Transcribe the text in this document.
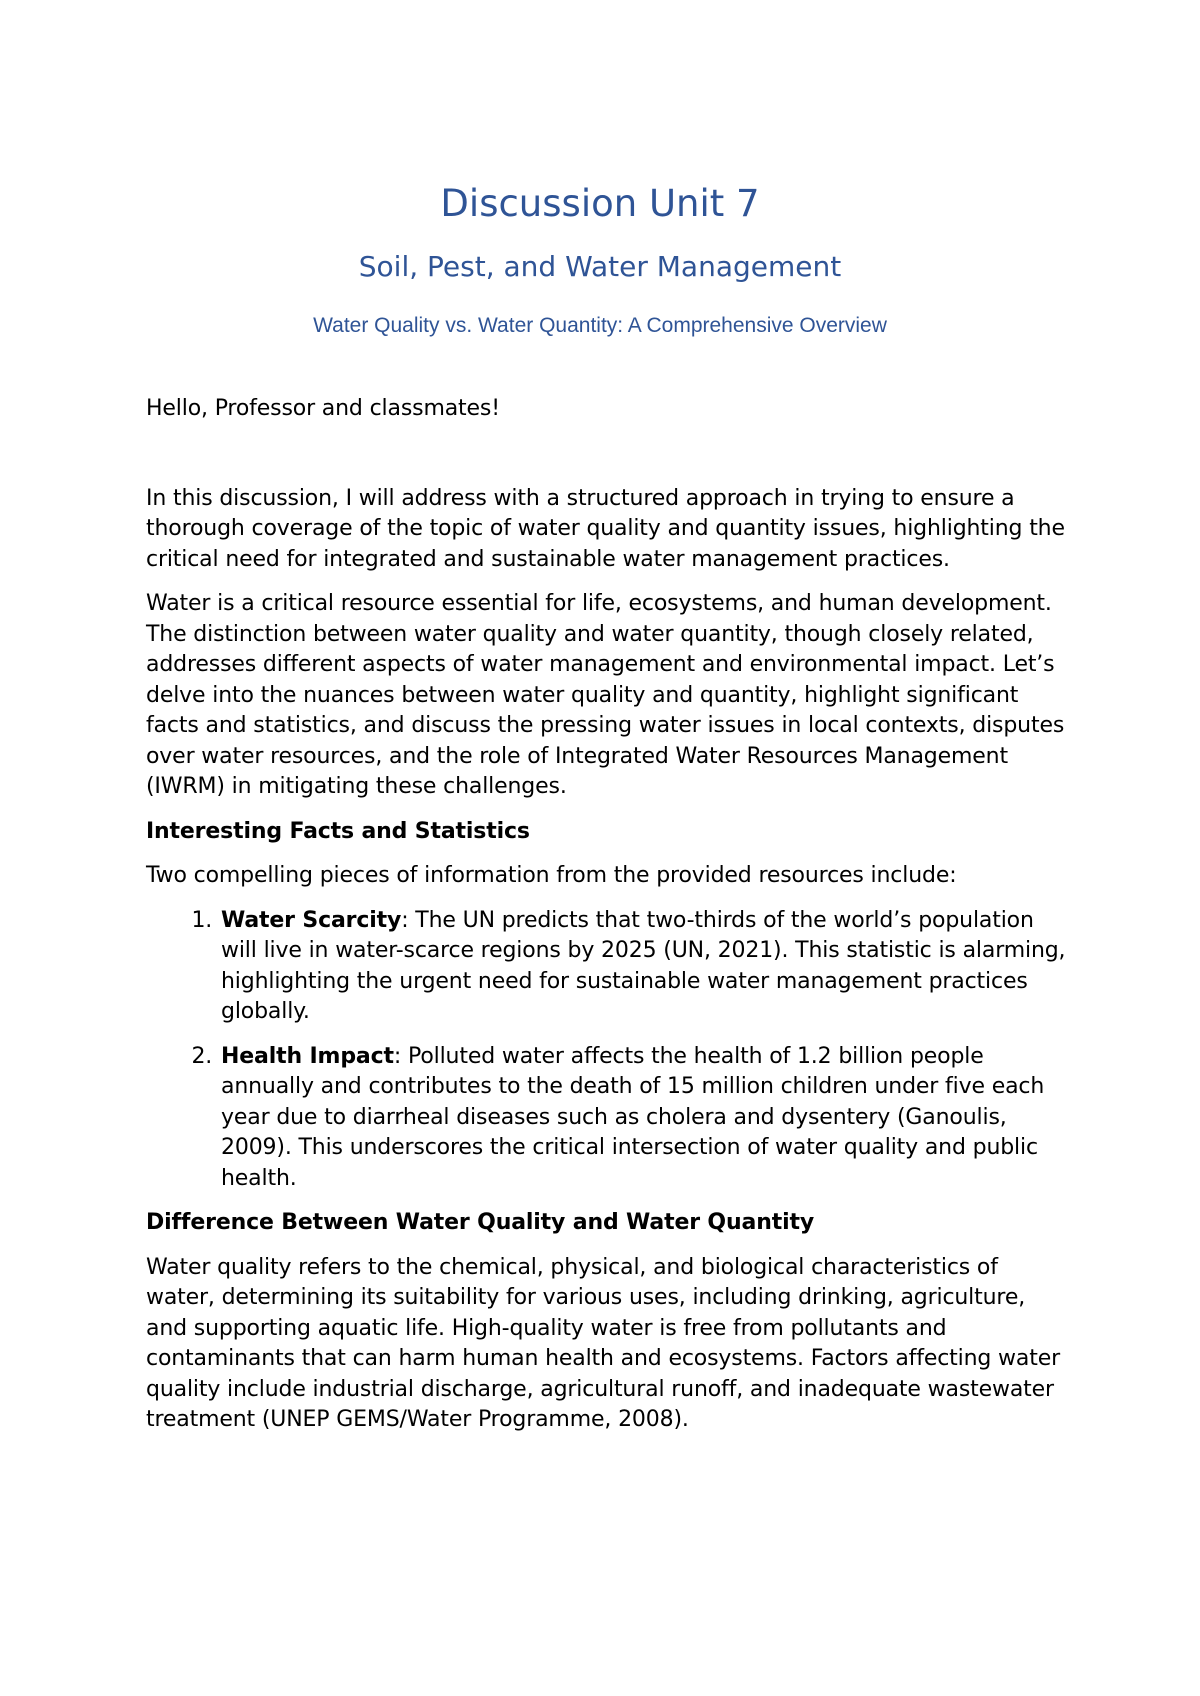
Discussion Unit 7
Soil, Pest, and Water Management
Water Quality vs. Water Quantity: A Comprehensive Overview

Hello, Professor and classmates!

In this discussion, I will address with a structured approach in trying to ensure a thorough coverage of the topic of water quality and quantity issues, highlighting the critical need for integrated and sustainable water management practices.

Water is a critical resource essential for life, ecosystems, and human development. The distinction between water quality and water quantity, though closely related, addresses different aspects of water management and environmental impact. Let’s delve into the nuances between water quality and quantity, highlight significant facts and statistics, and discuss the pressing water issues in local contexts, disputes over water resources, and the role of Integrated Water Resources Management (IWRM) in mitigating these challenges.

Interesting Facts and Statistics

Two compelling pieces of information from the provided resources include:

1. Water Scarcity: The UN predicts that two-thirds of the world’s population will live in water-scarce regions by 2025 (UN, 2021). This statistic is alarming, highlighting the urgent need for sustainable water management practices globally.
2. Health Impact: Polluted water affects the health of 1.2 billion people annually and contributes to the death of 15 million children under five each year due to diarrheal diseases such as cholera and dysentery (Ganoulis, 2009). This underscores the critical intersection of water quality and public health.

Difference Between Water Quality and Water Quantity

Water quality refers to the chemical, physical, and biological characteristics of water, determining its suitability for various uses, including drinking, agriculture, and supporting aquatic life. High-quality water is free from pollutants and contaminants that can harm human health and ecosystems. Factors affecting water quality include industrial discharge, agricultural runoff, and inadequate wastewater treatment (UNEP GEMS/Water Programme, 2008).
